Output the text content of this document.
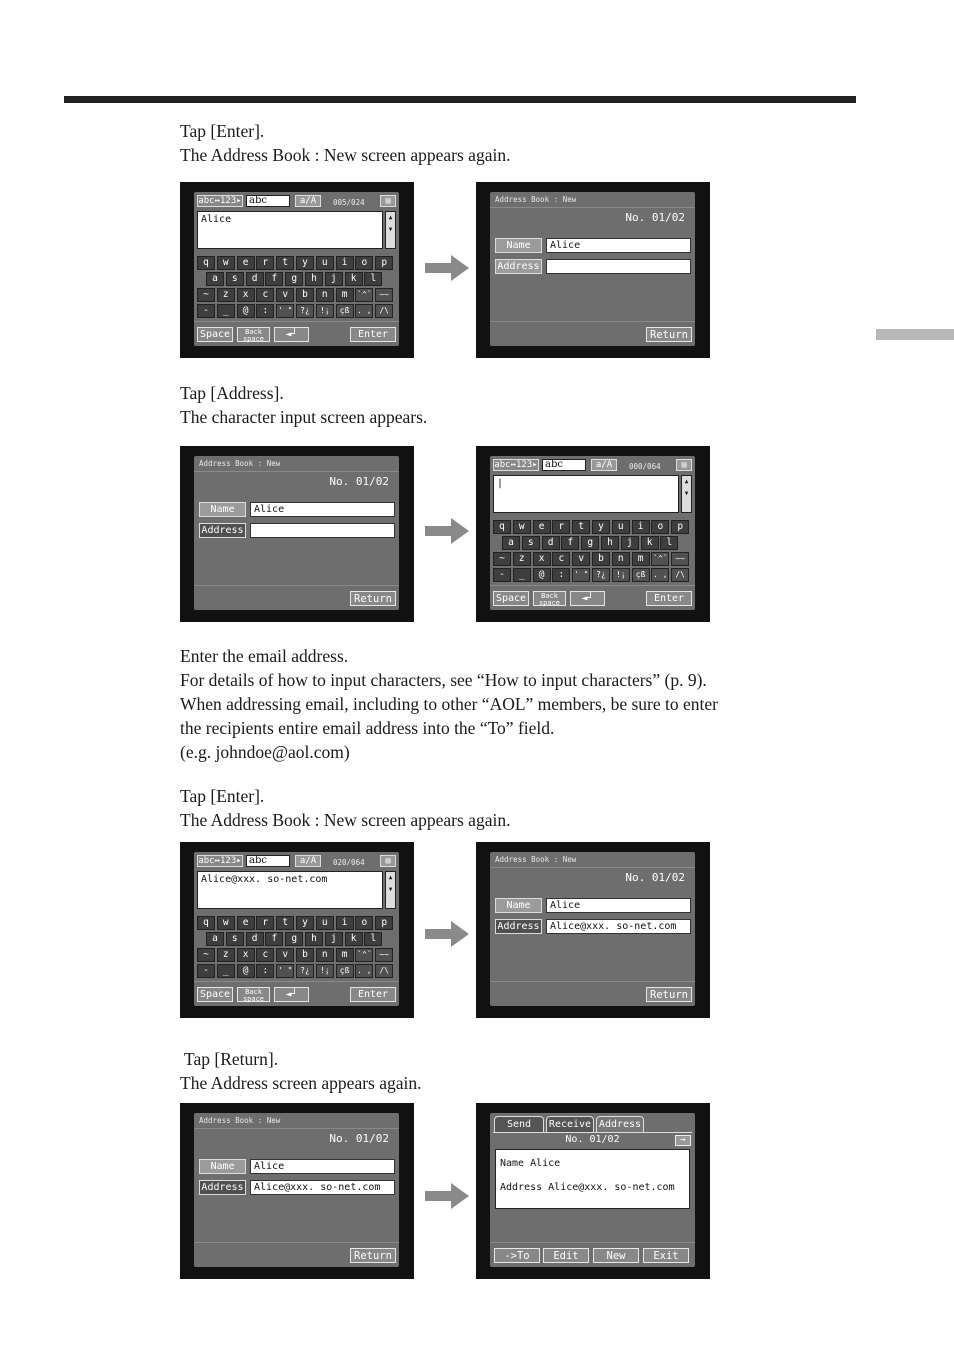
Tap [Enter].

The Address Book : New screen appears again.

abc↔123▸ abc	a/A	005/024	▤
Alice	▲
▼
q	w	e	r	t	y	u	i	o	p
a	s	d	f	g	h	j	k	l
~	z	x	c	v	b	n	m	`^¨ ~~
-	_	@	:	' " ?¿	!¡	çß . , /\
Space	Back space	◄┘	Enter
Address Book : New
No. 01/02
Name	Alice
Address
Return

Tap [Address].

The character input screen appears.

Address Book : New
No. 01/02
Name	Alice
Address
Return
abc↔123▸ abc	a/A	000/064	▤
|	▲
▼
q	w	e	r	t	y	u	i	o	p
a	s	d	f	g	h	j	k	l
~	z	x	c	v	b	n	m	`^¨ ~~
-	_	@	:	' " ?¿	!¡	çß . , /\
Space	Back space	◄┘	Enter

Enter the email address.

For details of how to input characters, see “How to input characters” (p. 9).

When addressing email, including to other “AOL” members, be sure to enter

the recipients entire email address into the “To” field.

(e.g. johndoe@aol.com)

Tap [Enter].

The Address Book : New screen appears again.

abc↔123▸ abc	a/A	020/064	▤
Alice@xxx. so-net.com	▲
▼
q	w	e	r	t	y	u	i	o	p
a	s	d	f	g	h	j	k	l
~	z	x	c	v	b	n	m	`^¨ ~~
-	_	@	:	' " ?¿	!¡	çß . , /\
Space	Back space	◄┘	Enter
Address Book : New
No. 01/02
Name	Alice
Address	Alice@xxx. so-net.com
Return

Tap [Return].

The Address screen appears again.

Address Book : New
No. 01/02
Name	Alice
Address	Alice@xxx. so-net.com
Return
Send	Receive Address
No. 01/02	→
Name Alice
Address Alice@xxx. so-net.com
->To	Edit	New	Exit
